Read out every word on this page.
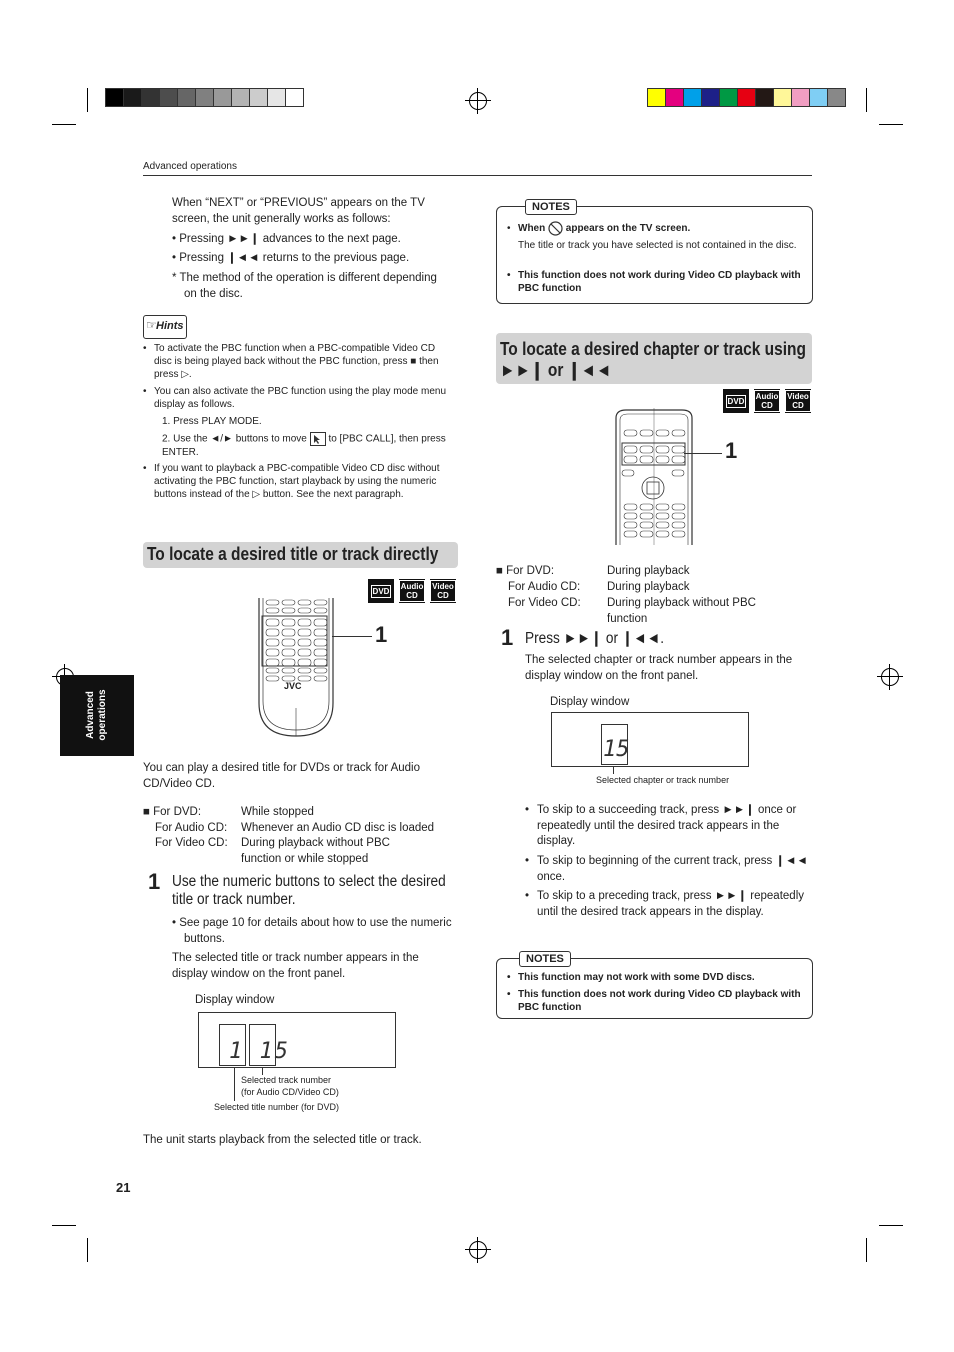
Advanced operations
Advanced operations
When “NEXT” or “PREVIOUS” appears on the TV screen, the unit generally works as follows:
• Pressing ►►❙ advances to the next page.
• Pressing ❙◄◄ returns to the previous page.
* The method of the operation is different depending on the disc.
☞ Hints
• To activate the PBC function when a PBC-compatible Video CD disc is being played back without the PBC function, press ■ then press ▷.
• You can also activate the PBC function using the play mode menu display as follows.
1. Press PLAY MODE.
2. Use the ◄/► buttons to move to [PBC CALL], then press ENTER.
• If you want to playback a PBC-compatible Video CD disc without activating the PBC function, start playback by using the numeric buttons instead of the ▷ button. See the next paragraph.
To locate a desired title or track directly
DVD Audio
CD
Video
CD
JVC
1
You can play a desired title for DVDs or track for Audio CD/Video CD.
■ For DVD:	While stopped
For Audio CD: Whenever an Audio CD disc is loaded
For Video CD: During playback without PBC function or while stopped
1 Use the numeric buttons to select the desired title or track number.
• See page 10 for details about how to use the numeric buttons.
The selected title or track number appears in the display window on the front panel.
Display window
1 15
Selected track number
(for Audio CD/Video CD)
Selected title number (for DVD)
The unit starts playback from the selected title or track.
21
NOTES
• When appears on the TV screen.
The title or track you have selected is not contained in the disc.
• This function does not work during Video CD playback with PBC function
To locate a desired chapter or track using
►►❙ or ❙◄◄
DVD Audio
CD
Video
CD
1
■ For DVD:	During playback
For Audio CD: During playback
For Video CD: During playback without PBC function
1 Press ►►❙ or ❙◄◄.
The selected chapter or track number appears in the display window on the front panel.
Display window
15
Selected chapter or track number
• To skip to a succeeding track, press ►►❙ once or repeatedly until the desired track appears in the display.
• To skip to beginning of the current track, press ❙◄◄ once.
• To skip to a preceding track, press ►►❙ repeatedly until the desired track appears in the display.
NOTES
• This function may not work with some DVD discs.
• This function does not work during Video CD playback with PBC function
